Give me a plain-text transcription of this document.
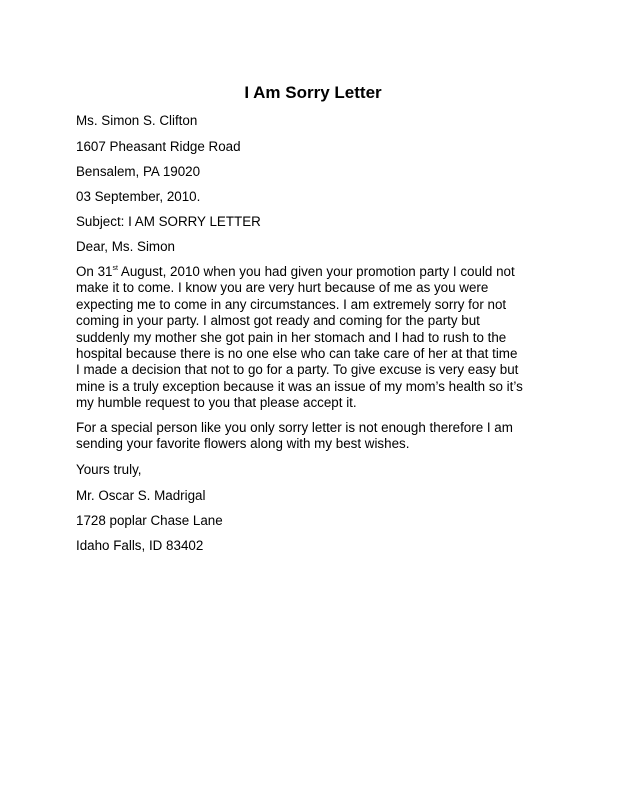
I Am Sorry Letter
Ms. Simon S. Clifton
1607 Pheasant Ridge Road
Bensalem, PA 19020
03 September, 2010.
Subject: I AM SORRY LETTER
Dear, Ms. Simon
On 31st August, 2010 when you had given your promotion party I could not
make it to come. I know you are very hurt because of me as you were
expecting me to come in any circumstances. I am extremely sorry for not
coming in your party. I almost got ready and coming for the party but
suddenly my mother she got pain in her stomach and I had to rush to the
hospital because there is no one else who can take care of her at that time
I made a decision that not to go for a party. To give excuse is very easy but
mine is a truly exception because it was an issue of my mom’s health so it’s
my humble request to you that please accept it.
For a special person like you only sorry letter is not enough therefore I am
sending your favorite flowers along with my best wishes.
Yours truly,
Mr. Oscar S. Madrigal
1728 poplar Chase Lane
Idaho Falls, ID 83402
